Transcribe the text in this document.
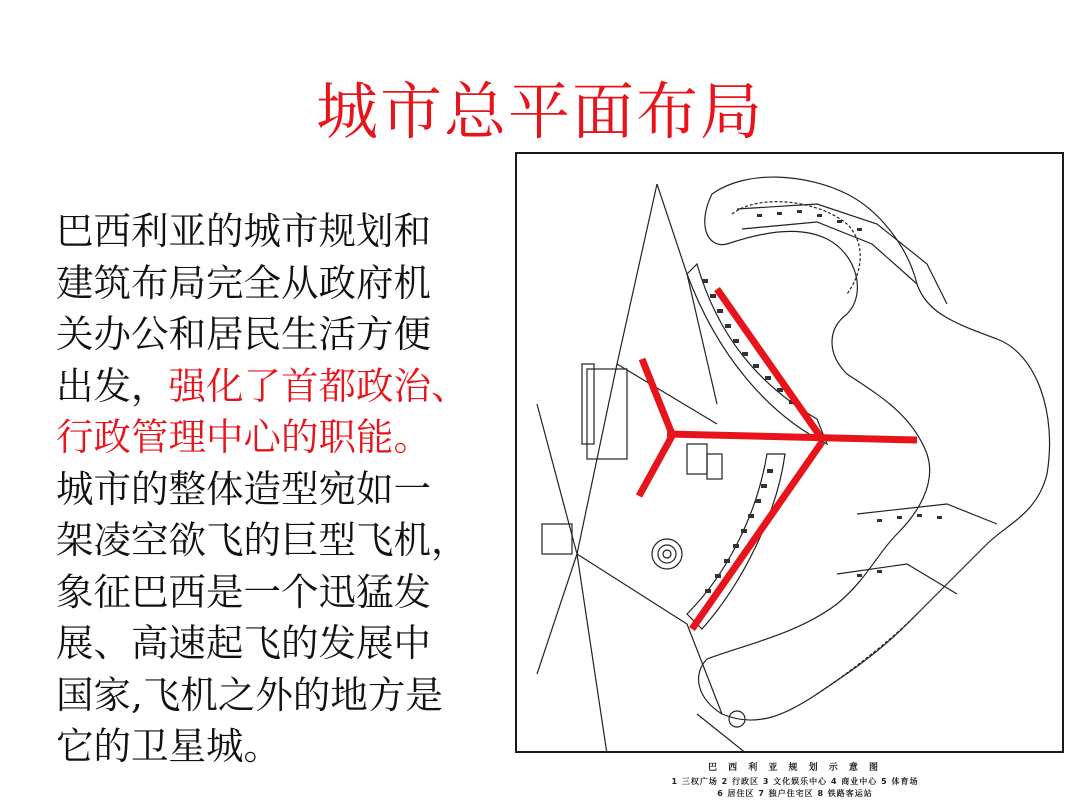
城市总平面布局
巴西利亚的城市规划和
建筑布局完全从政府机
关办公和居民生活方便
出发，强化了首都政治、
行政管理中心的职能。
城市的整体造型宛如一
架凌空欲飞的巨型飞机，
象征巴西是一个迅猛发
展、高速起飞的发展中
国家,飞机之外的地方是
它的卫星城。	巴 西 利 亚 规 划 示 意 图
1 三权广场 2 行政区 3 文化娱乐中心 4 商业中心 5 体育场
6 居住区 7 独户住宅区 8 铁路客运站
